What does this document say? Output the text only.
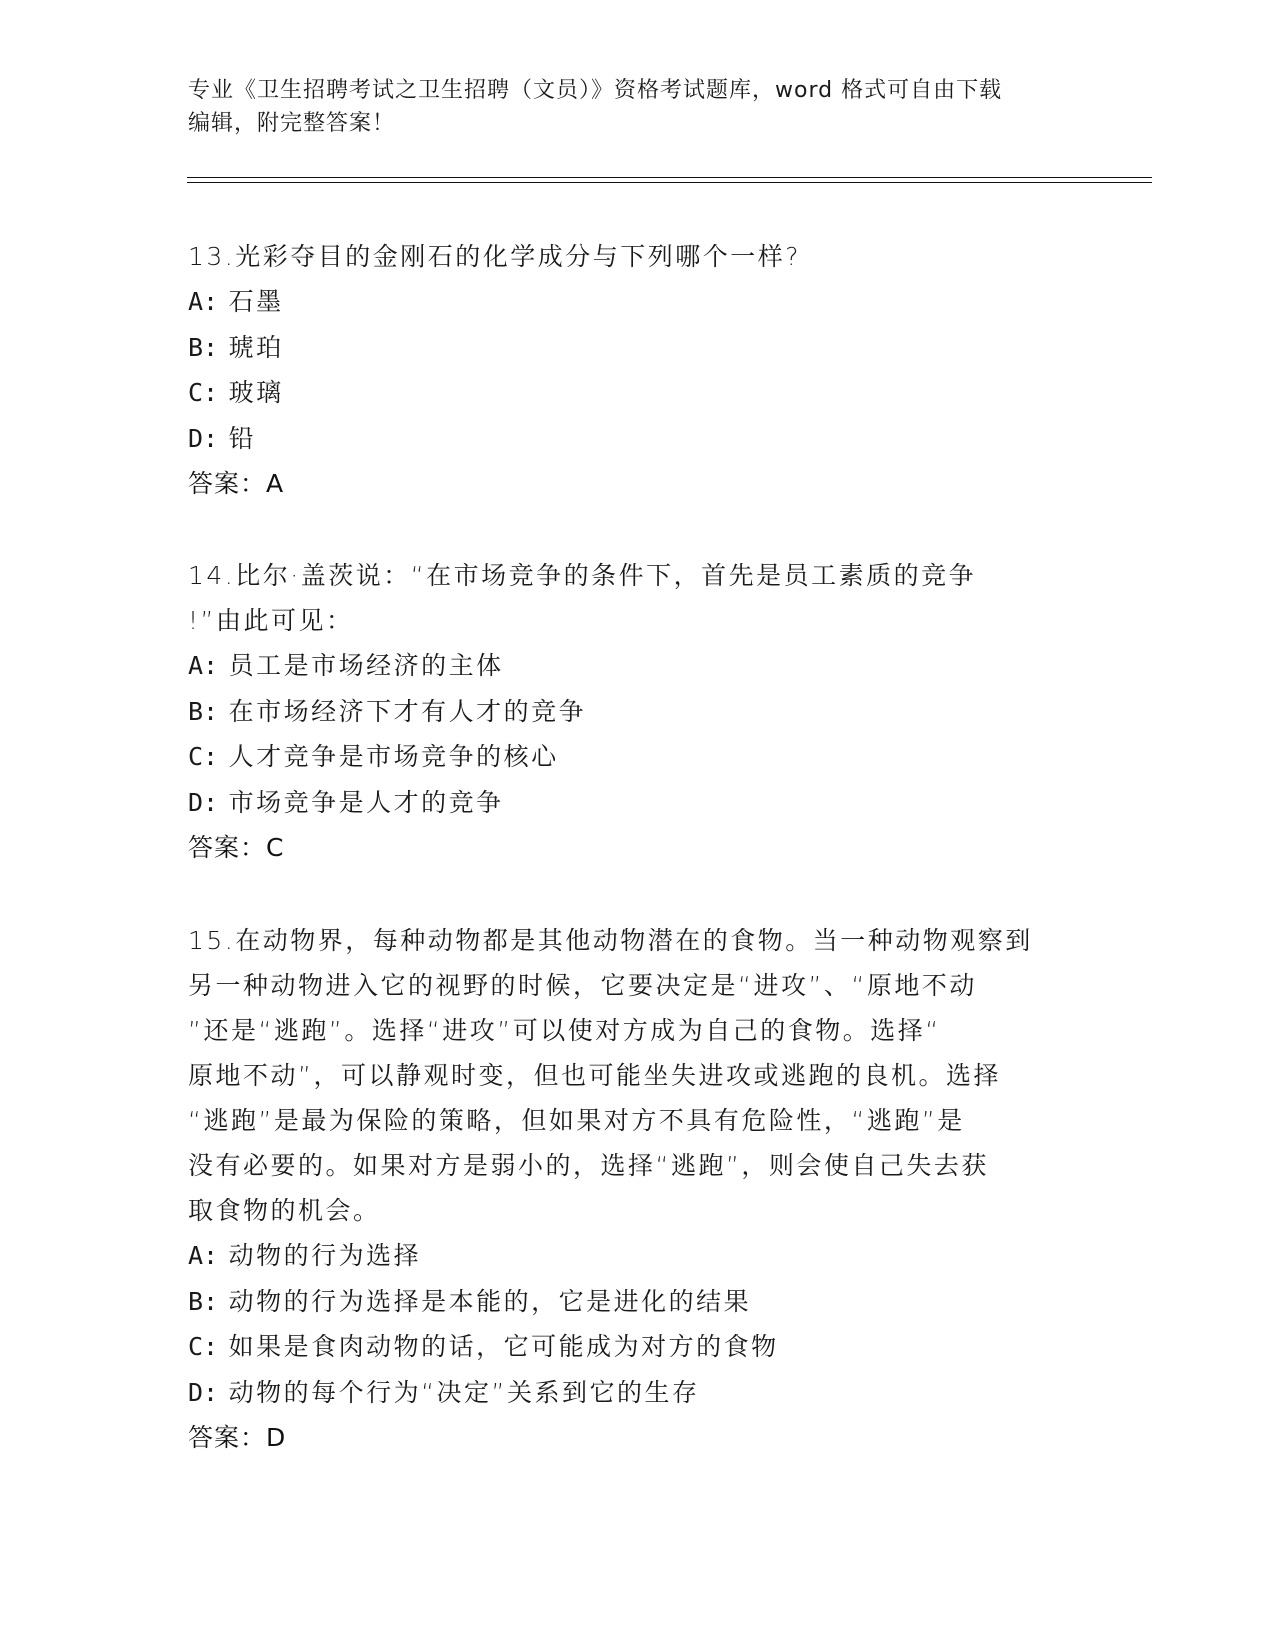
专业《卫生招聘考试之卫生招聘（文员）》资格考试题库，word 格式可自由下载
编辑，附完整答案！
13.光彩夺目的金刚石的化学成分与下列哪个一样?
A: 石墨
B: 琥珀
C: 玻璃
D: 铅
答案：A
14.比尔·盖茨说：“在市场竞争的条件下，首先是员工素质的竞争
!”由此可见：
A: 员工是市场经济的主体
B: 在市场经济下才有人才的竞争
C: 人才竞争是市场竞争的核心
D: 市场竞争是人才的竞争
答案：C
15.在动物界，每种动物都是其他动物潜在的食物。当一种动物观察到
另一种动物进入它的视野的时候，它要决定是“进攻”、“原地不动
”还是“逃跑”。选择“进攻”可以使对方成为自己的食物。选择“
原地不动”，可以静观时变，但也可能坐失进攻或逃跑的良机。选择
“逃跑”是最为保险的策略，但如果对方不具有危险性，“逃跑”是
没有必要的。如果对方是弱小的，选择“逃跑”，则会使自己失去获
取食物的机会。
A: 动物的行为选择
B: 动物的行为选择是本能的，它是进化的结果
C: 如果是食肉动物的话，它可能成为对方的食物
D: 动物的每个行为“决定”关系到它的生存
答案：D
